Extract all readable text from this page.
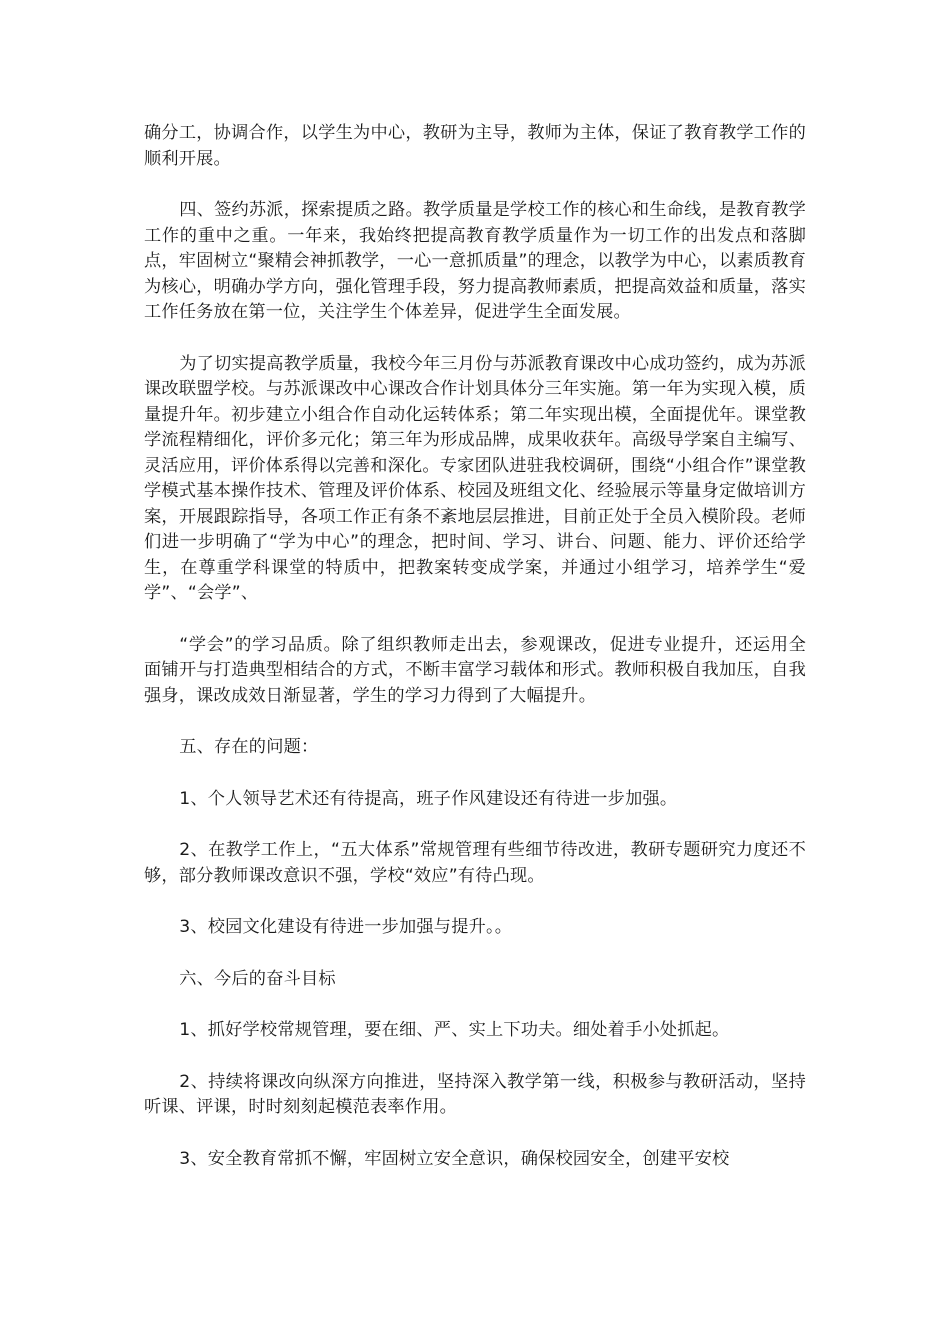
确分工，协调合作，以学生为中心，教研为主导，教师为主体，保证了教育教学工作的顺利开展。

四、签约苏派，探索提质之路。教学质量是学校工作的核心和生命线，是教育教学工作的重中之重。一年来，我始终把提高教育教学质量作为一切工作的出发点和落脚点，牢固树立“聚精会神抓教学，一心一意抓质量”的理念，以教学为中心，以素质教育为核心，明确办学方向，强化管理手段，努力提高教师素质，把提高效益和质量，落实工作任务放在第一位，关注学生个体差异，促进学生全面发展。

为了切实提高教学质量，我校今年三月份与苏派教育课改中心成功签约，成为苏派课改联盟学校。与苏派课改中心课改合作计划具体分三年实施。第一年为实现入模，质量提升年。初步建立小组合作自动化运转体系；第二年实现出模，全面提优年。课堂教学流程精细化，评价多元化；第三年为形成品牌，成果收获年。高级导学案自主编写、灵活应用，评价体系得以完善和深化。专家团队进驻我校调研，围绕“小组合作”课堂教学模式基本操作技术、管理及评价体系、校园及班组文化、经验展示等量身定做培训方案，开展跟踪指导，各项工作正有条不紊地层层推进，目前正处于全员入模阶段。老师们进一步明确了“学为中心”的理念，把时间、学习、讲台、问题、能力、评价还给学生，在尊重学科课堂的特质中，把教案转变成学案，并通过小组学习，培养学生“爱学”、“会学”、

“学会”的学习品质。除了组织教师走出去，参观课改，促进专业提升，还运用全面铺开与打造典型相结合的方式，不断丰富学习载体和形式。教师积极自我加压，自我强身，课改成效日渐显著，学生的学习力得到了大幅提升。

五、存在的问题：

1、个人领导艺术还有待提高，班子作风建设还有待进一步加强。

2、在教学工作上，“五大体系”常规管理有些细节待改进，教研专题研究力度还不够，部分教师课改意识不强，学校“效应”有待凸现。

3、校园文化建设有待进一步加强与提升。。

六、今后的奋斗目标

1、抓好学校常规管理，要在细、严、实上下功夫。细处着手小处抓起。

2、持续将课改向纵深方向推进，坚持深入教学第一线，积极参与教研活动，坚持听课、评课，时时刻刻起模范表率作用。

3、安全教育常抓不懈，牢固树立安全意识，确保校园安全，创建平安校
